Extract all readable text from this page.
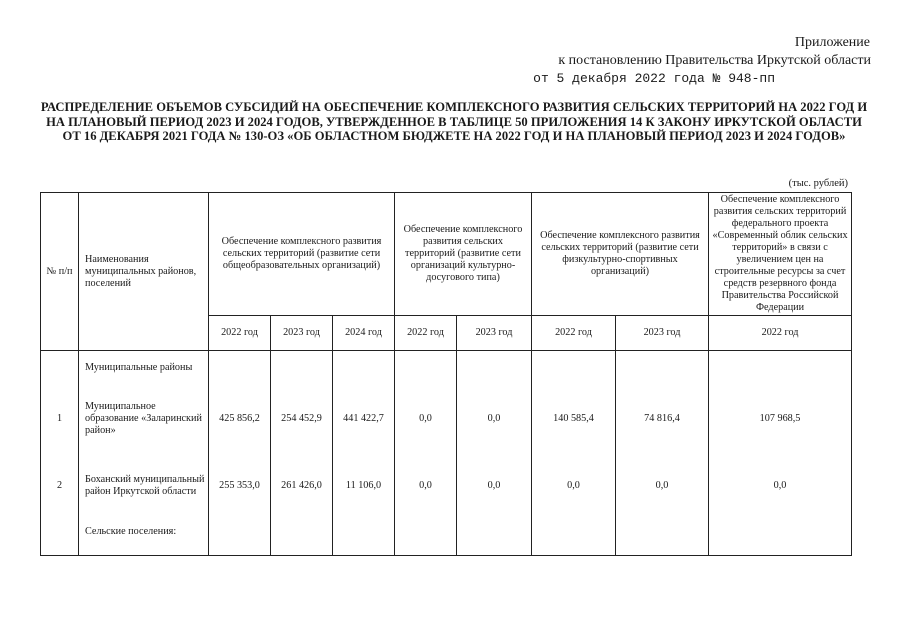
Приложение
к постановлению Правительства Иркутской области
от 5 декабря 2022 года № 948-пп
РАСПРЕДЕЛЕНИЕ ОБЪЕМОВ СУБСИДИЙ НА ОБЕСПЕЧЕНИЕ КОМПЛЕКСНОГО РАЗВИТИЯ СЕЛЬСКИХ ТЕРРИТОРИЙ НА 2022 ГОД И НА ПЛАНОВЫЙ ПЕРИОД 2023 И 2024 ГОДОВ, УТВЕРЖДЕННОЕ В ТАБЛИЦЕ 50 ПРИЛОЖЕНИЯ 14 К ЗАКОНУ ИРКУТСКОЙ ОБЛАСТИ ОТ 16 ДЕКАБРЯ 2021 ГОДА № 130-ОЗ «ОБ ОБЛАСТНОМ БЮДЖЕТЕ НА 2022 ГОД И НА ПЛАНОВЫЙ ПЕРИОД 2023 И 2024 ГОДОВ»
(тыс. рублей)
№ п/п	Наименования муниципальных районов, поселений	Обеспечение комплексного развития сельских территорий (развитие сети общеобразовательных организаций)			Обеспечение комплексного развития сельских территорий (развитие сети организаций культурно-досугового типа)		Обеспечение комплексного развития сельских территорий (развитие сети физкультурно-спортивных организаций)		Обеспечение комплексного развития сельских территорий федерального проекта «Современный облик сельских территорий» в связи с увеличением цен на строительные ресурсы за счет средств резервного фонда Правительства Российской Федерации
		2022 год	2023 год	2024 год	2022 год	2023 год	2022 год	2023 год	2022 год

	Муниципальные районы								

1	Муниципальное образование «Заларинский район»	425 856,2	254 452,9	441 422,7	0,0	0,0	140 585,4	74 816,4	107 968,5

2	Боханский муниципальный район Иркутской области	255 353,0	261 426,0	11 106,0	0,0	0,0	0,0	0,0	0,0

	Сельские поселения:								
